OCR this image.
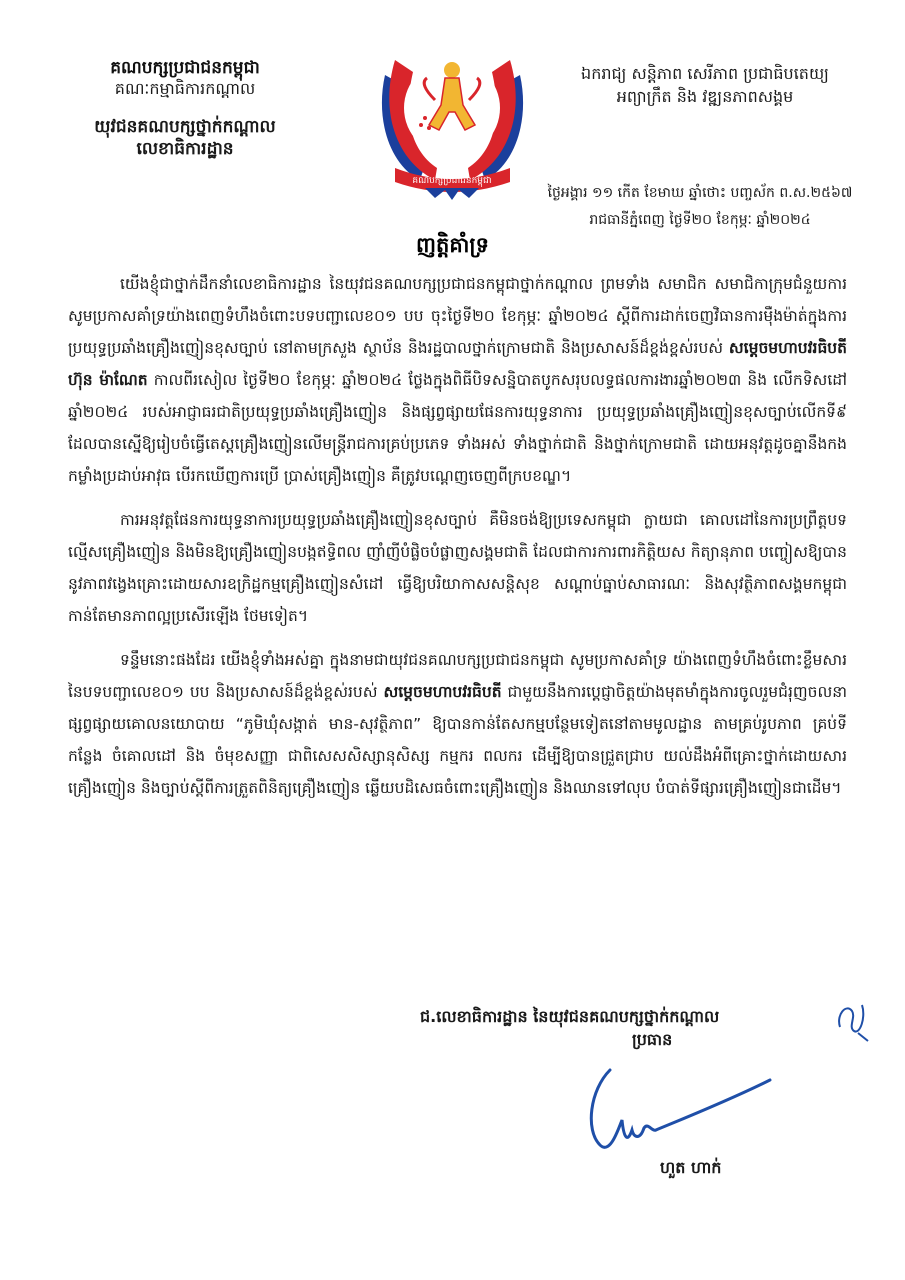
គណបក្សប្រជាជនកម្ពុជា
គណៈកម្មាធិការកណ្តាល
យុវជនគណបក្សថ្នាក់កណ្តាល
លេខាធិការដ្ឋាន
គណបក្សប្រជាជនកម្ពុជា
ឯករាជ្យ សន្តិភាព សេរីភាព ប្រជាធិបតេយ្យ
អព្យាក្រឹត និង វឌ្ឍនភាពសង្គម
ថ្ងៃអង្គារ ១១ កើត ខែមាឃ ឆ្នាំថោះ បញ្ចស័ក ព.ស.២៥៦៧
រាជធានីភ្នំពេញ ថ្ងៃទី២០ ខែកុម្ភៈ ឆ្នាំ២០២៤
ញត្តិគាំទ្រ

យើងខ្ញុំជាថ្នាក់ដឹកនាំលេខាធិការដ្ឋាន នៃយុវជនគណបក្សប្រជាជនកម្ពុជាថ្នាក់កណ្តាល ព្រមទាំង សមាជិក សមាជិកាក្រុមជំនួយការ សូមប្រកាសគាំទ្រយ៉ាងពេញទំហឹងចំពោះបទបញ្ជាលេខ០១ បប ចុះថ្ងៃទី២០ ខែកុម្ភៈ ឆ្នាំ២០២៤ ស្តីពីការដាក់ចេញវិធានការម៉ឺងម៉ាត់ក្នុងការប្រយុទ្ធប្រឆាំងគ្រឿងញៀនខុសច្បាប់ នៅតាមក្រសួង ស្ថាប័ន និងរដ្ឋបាលថ្នាក់ក្រោមជាតិ និងប្រសាសន៍ដ៏ខ្ពង់ខ្ពស់របស់ សម្តេចមហាបវរធិបតី ហ៊ុន ម៉ាណែត កាលពីរសៀល ថ្ងៃទី២០ ខែកុម្ភៈ ឆ្នាំ២០២៤ ថ្លែងក្នុងពិធីបិទសន្និបាតបូកសរុបលទ្ធផលការងារឆ្នាំ២០២៣ និង លើកទិសដៅឆ្នាំ២០២៤ របស់អាជ្ញាធរជាតិប្រយុទ្ធប្រឆាំងគ្រឿងញៀន និងផ្សព្វផ្សាយផែនការយុទ្ធនាការ ប្រយុទ្ធប្រឆាំងគ្រឿងញៀនខុសច្បាប់លើកទី៩ ដែលបានស្នើឱ្យរៀបចំធ្វើតេស្តគ្រឿងញៀនលើមន្ត្រីរាជការគ្រប់ប្រភេទ ទាំងអស់ ទាំងថ្នាក់ជាតិ និងថ្នាក់ក្រោមជាតិ ដោយអនុវត្តដូចគ្នានឹងកងកម្លាំងប្រដាប់អាវុធ បើរកឃើញការប្រើ ប្រាស់គ្រឿងញៀន គឺត្រូវបណ្តេញចេញពីក្របខណ្ឌ។

ការអនុវត្តផែនការយុទ្ធនាការប្រយុទ្ធប្រឆាំងគ្រឿងញៀនខុសច្បាប់ គឺមិនចង់ឱ្យប្រទេសកម្ពុជា ក្លាយជា គោលដៅនៃការប្រព្រឹត្តបទល្មើសគ្រឿងញៀន និងមិនឱ្យគ្រឿងញៀនបង្កឥទ្ធិពល ញាំញីបំផ្លិចបំផ្លាញសង្គមជាតិ ដែលជាការការពារកិត្តិយស កិត្យានុភាព បញ្ចៀសឱ្យបាននូវភាពវង្វេងគ្រោះដោយសារឧក្រិដ្ឋកម្មគ្រឿងញៀនសំដៅ ធ្វើឱ្យបរិយាកាសសន្តិសុខ សណ្តាប់ធ្នាប់សាធារណៈ និងសុវត្ថិភាពសង្គមកម្ពុជាកាន់តែមានភាពល្អប្រសើរឡើង ថែមទៀត។

ទន្ទឹមនោះផងដែរ យើងខ្ញុំទាំងអស់គ្នា ក្នុងនាមជាយុវជនគណបក្សប្រជាជនកម្ពុជា សូមប្រកាសគាំទ្រ យ៉ាងពេញទំហឹងចំពោះខ្លឹមសារនៃបទបញ្ជាលេខ០១ បប និងប្រសាសន៍ដ៏ខ្ពង់ខ្ពស់របស់ សម្តេចមហាបវរធិបតី ជាមួយនឹងការប្តេជ្ញាចិត្តយ៉ាងមុតមាំក្នុងការចូលរួមជំរុញចលនាផ្សព្វផ្សាយគោលនយោបាយ “ភូមិឃុំសង្កាត់ មាន-សុវត្ថិភាព” ឱ្យបានកាន់តែសកម្មបន្ថែមទៀតនៅតាមមូលដ្ឋាន តាមគ្រប់រូបភាព គ្រប់ទីកន្លែង ចំគោលដៅ និង ចំមុខសញ្ញា ជាពិសេសសិស្សានុសិស្ស កម្មករ ពលករ ដើម្បីឱ្យបានជ្រួតជ្រាប យល់ដឹងអំពីគ្រោះថ្នាក់ដោយសារ គ្រឿងញៀន និងច្បាប់ស្តីពីការត្រួតពិនិត្យគ្រឿងញៀន ឆ្លើយបដិសេធចំពោះគ្រឿងញៀន និងឈានទៅលុប បំបាត់ទីផ្សារគ្រឿងញៀនជាដើម។

ជ.លេខាធិការដ្ឋាន នៃយុវជនគណបក្សថ្នាក់កណ្តាល
ប្រធាន
ហួត ហាក់
